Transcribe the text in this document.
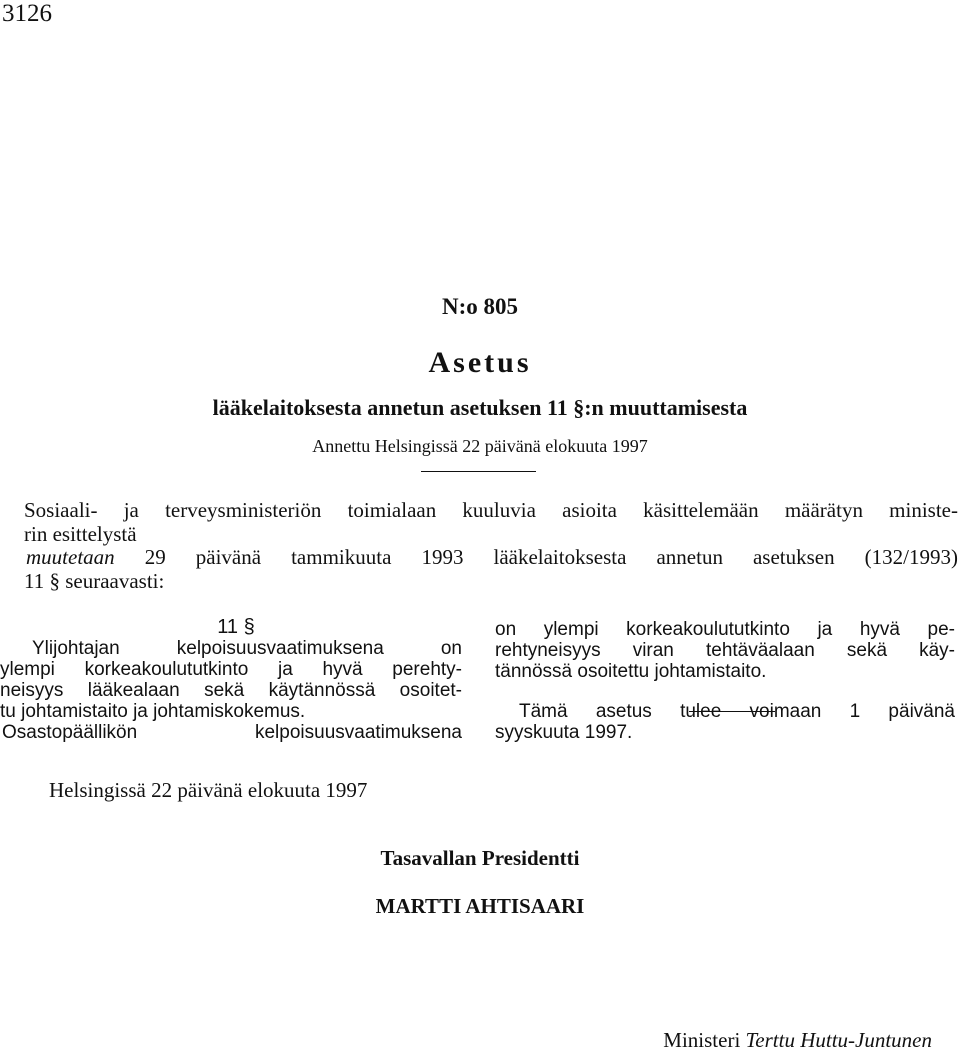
3126
N:o 805
Asetus
lääkelaitoksesta annetun asetuksen 11 §:n muuttamisesta
Annettu Helsingissä 22 päivänä elokuuta 1997

Sosiaali- ja terveysministeriön toimialaan kuuluvia asioita käsittelemään määrätyn ministe-

rin esittelystä

muutetaan 29 päivänä tammikuuta 1993 lääkelaitoksesta annetun asetuksen (132/1993)

11 § seuraavasti:

11 §
Ylijohtajan kelpoisuusvaatimuksena on
ylempi korkeakoulututkinto ja hyvä perehty-
neisyys lääkealaan sekä käytännössä osoitet-
tu johtamistaito ja johtamiskokemus.
Osastopäällikön kelpoisuusvaatimuksena
on ylempi korkeakoulututkinto ja hyvä pe-
rehtyneisyys viran tehtäväalaan sekä käy-
tännössä osoitettu johtamistaito.
Tämä asetus tulee voimaan 1 päivänä
syyskuuta 1997.
Helsingissä 22 päivänä elokuuta 1997
Tasavallan Presidentti
MARTTI AHTISAARI
Ministeri Terttu Huttu-Juntunen
